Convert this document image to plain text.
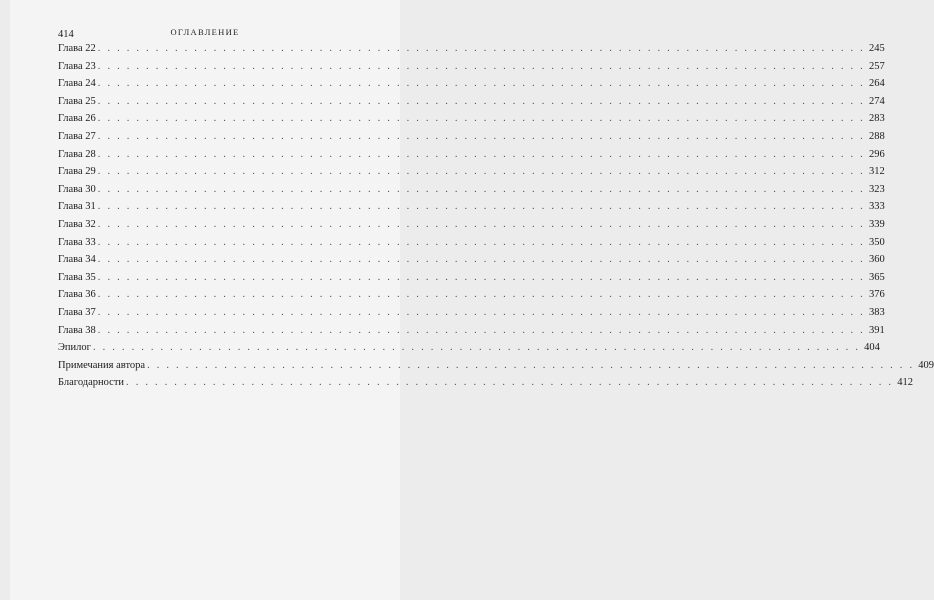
414	ОГЛАВЛЕНИЕ
Глава 22 . . . . . . . . . . . . . . . . . . . . . . . . . . . . . . . . . . . . . . . . . . . . . . . . . . . . . . . . . . . . . . . . . . . . . . . . . . . . . . . . 245
Глава 23 . . . . . . . . . . . . . . . . . . . . . . . . . . . . . . . . . . . . . . . . . . . . . . . . . . . . . . . . . . . . . . . . . . . . . . . . . . . . . . . . 257
Глава 24 . . . . . . . . . . . . . . . . . . . . . . . . . . . . . . . . . . . . . . . . . . . . . . . . . . . . . . . . . . . . . . . . . . . . . . . . . . . . . . . . 264
Глава 25 . . . . . . . . . . . . . . . . . . . . . . . . . . . . . . . . . . . . . . . . . . . . . . . . . . . . . . . . . . . . . . . . . . . . . . . . . . . . . . . . 274
Глава 26 . . . . . . . . . . . . . . . . . . . . . . . . . . . . . . . . . . . . . . . . . . . . . . . . . . . . . . . . . . . . . . . . . . . . . . . . . . . . . . . . 283
Глава 27 . . . . . . . . . . . . . . . . . . . . . . . . . . . . . . . . . . . . . . . . . . . . . . . . . . . . . . . . . . . . . . . . . . . . . . . . . . . . . . . . 288
Глава 28 . . . . . . . . . . . . . . . . . . . . . . . . . . . . . . . . . . . . . . . . . . . . . . . . . . . . . . . . . . . . . . . . . . . . . . . . . . . . . . . . 296
Глава 29 . . . . . . . . . . . . . . . . . . . . . . . . . . . . . . . . . . . . . . . . . . . . . . . . . . . . . . . . . . . . . . . . . . . . . . . . . . . . . . . . 312
Глава 30 . . . . . . . . . . . . . . . . . . . . . . . . . . . . . . . . . . . . . . . . . . . . . . . . . . . . . . . . . . . . . . . . . . . . . . . . . . . . . . . . 323
Глава 31 . . . . . . . . . . . . . . . . . . . . . . . . . . . . . . . . . . . . . . . . . . . . . . . . . . . . . . . . . . . . . . . . . . . . . . . . . . . . . . . . 333
Глава 32 . . . . . . . . . . . . . . . . . . . . . . . . . . . . . . . . . . . . . . . . . . . . . . . . . . . . . . . . . . . . . . . . . . . . . . . . . . . . . . . . 339
Глава 33 . . . . . . . . . . . . . . . . . . . . . . . . . . . . . . . . . . . . . . . . . . . . . . . . . . . . . . . . . . . . . . . . . . . . . . . . . . . . . . . . 350
Глава 34 . . . . . . . . . . . . . . . . . . . . . . . . . . . . . . . . . . . . . . . . . . . . . . . . . . . . . . . . . . . . . . . . . . . . . . . . . . . . . . . . 360
Глава 35 . . . . . . . . . . . . . . . . . . . . . . . . . . . . . . . . . . . . . . . . . . . . . . . . . . . . . . . . . . . . . . . . . . . . . . . . . . . . . . . . 365
Глава 36 . . . . . . . . . . . . . . . . . . . . . . . . . . . . . . . . . . . . . . . . . . . . . . . . . . . . . . . . . . . . . . . . . . . . . . . . . . . . . . . . 376
Глава 37 . . . . . . . . . . . . . . . . . . . . . . . . . . . . . . . . . . . . . . . . . . . . . . . . . . . . . . . . . . . . . . . . . . . . . . . . . . . . . . . . 383
Глава 38 . . . . . . . . . . . . . . . . . . . . . . . . . . . . . . . . . . . . . . . . . . . . . . . . . . . . . . . . . . . . . . . . . . . . . . . . . . . . . . . . 391
Эпилог . . . . . . . . . . . . . . . . . . . . . . . . . . . . . . . . . . . . . . . . . . . . . . . . . . . . . . . . . . . . . . . . . . . . . . . . . . . . . . . . 404
Примечания автора . . . . . . . . . . . . . . . . . . . . . . . . . . . . . . . . . . . . . . . . . . . . . . . . . . . . . . . . . . . . . . . . . . . . . . . . . . . . . . . . 409
Благодарности . . . . . . . . . . . . . . . . . . . . . . . . . . . . . . . . . . . . . . . . . . . . . . . . . . . . . . . . . . . . . . . . . . . . . . . . . . . . . . . . 412
